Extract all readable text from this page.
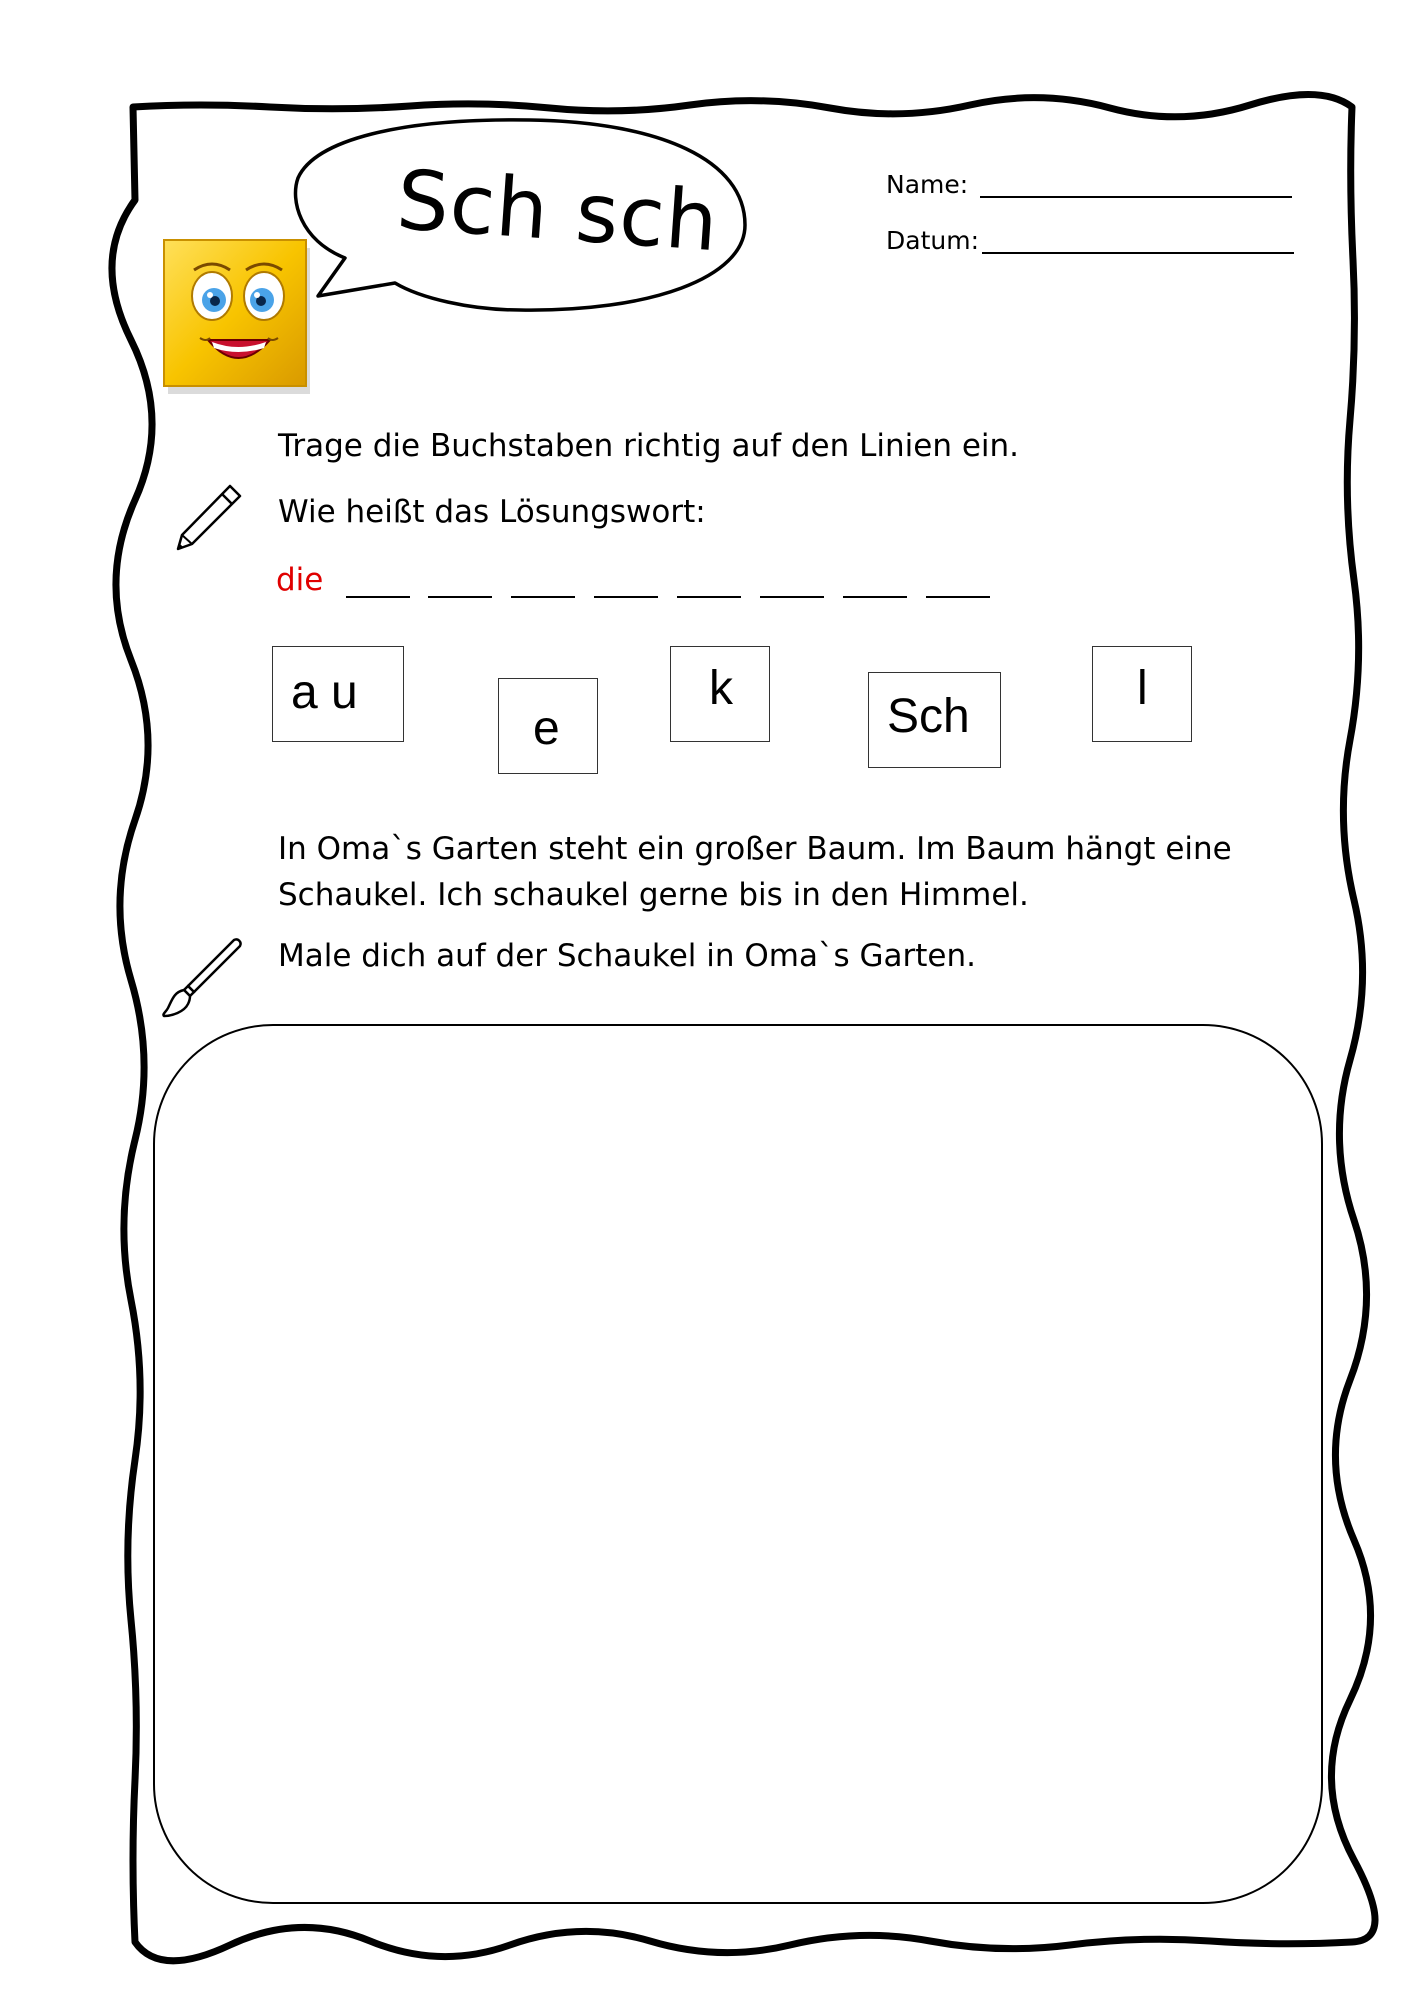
Sch sch	Name:
Datum:
Trage die Buchstaben richtig auf den Linien ein.
Wie heißt das Lösungswort:
die
a u
e
k
Sch
l
In Oma`s Garten steht ein großer Baum. Im Baum hängt eine
Schaukel. Ich schaukel gerne bis in den Himmel.
Male dich auf der Schaukel in Oma`s Garten.
